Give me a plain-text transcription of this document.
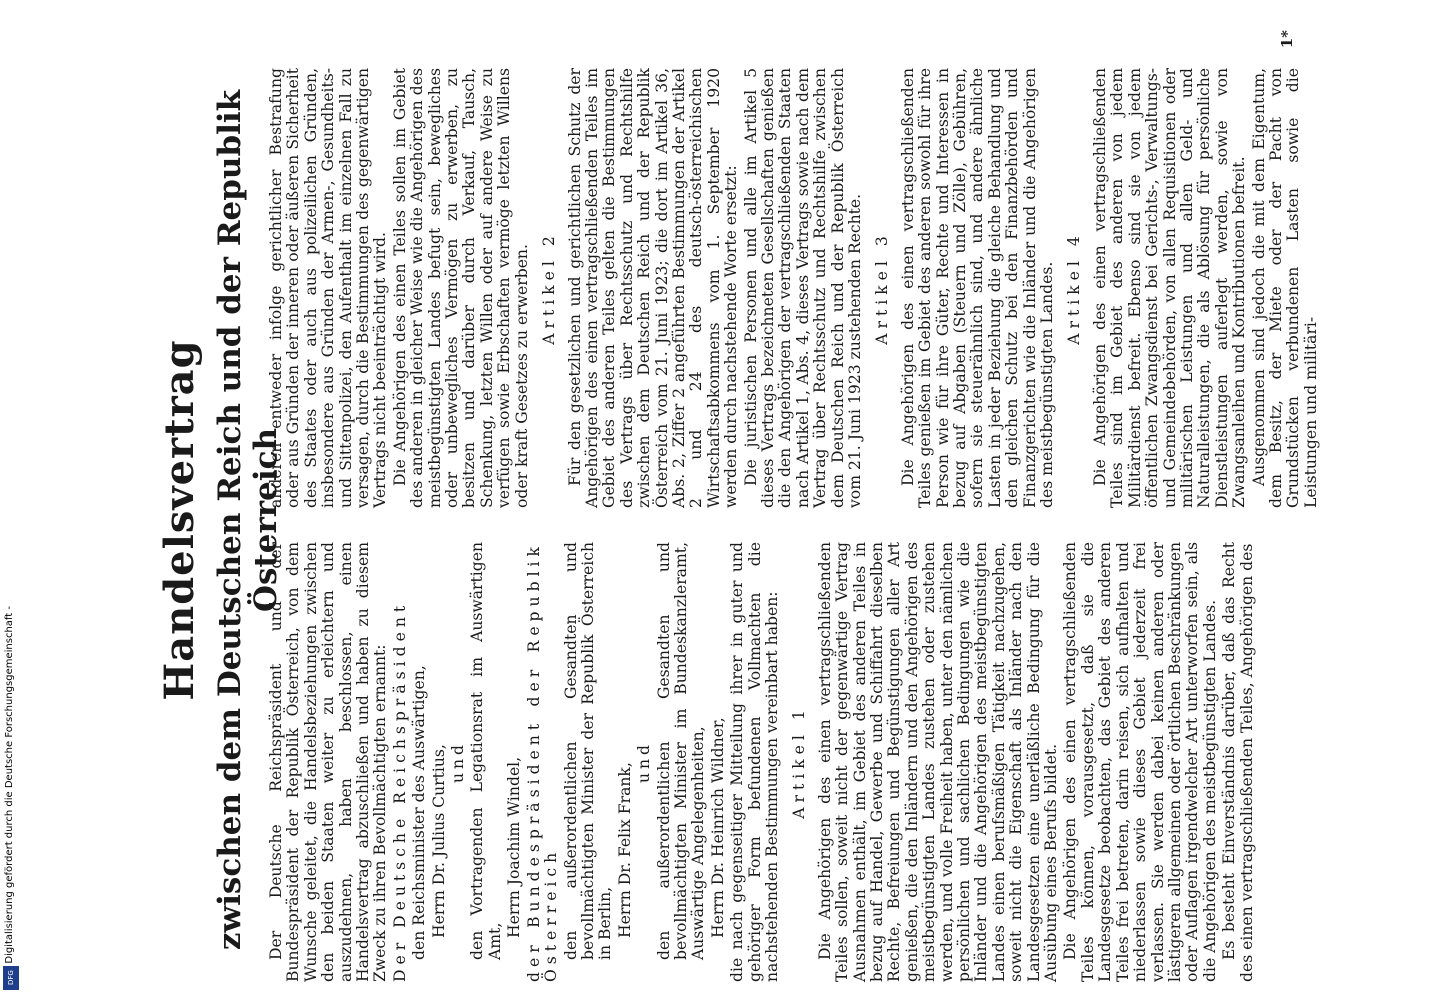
DFG
Digitalisierung gefördert durch die Deutsche Forschungsgemeinschaft -
Handelsvertrag zwischen dem Deutschen Reich und der Republik Österreich

Der Deutsche Reichspräsident und der Bundespräsident der Republik Österreich, von dem Wunsche geleitet, die Handelsbeziehungen zwischen den beiden Staaten weiter zu erleichtern und auszudehnen, haben beschlossen, einen Handelsvertrag abzuschließen und haben zu diesem Zweck zu ihren Bevollmächtigten ernannt: Der Deutsche Reichspräsident den Reichsminister des Auswärtigen, Herrn Dr. Julius Curtius, und den Vortragenden Legationsrat im Auswärtigen Amt,

Herrn Joachim Windel, der Bundespräsident der Republik Österreich den außerordentlichen Gesandten und bevollmächtigten Minister der Republik Österreich in Berlin, Herrn Dr. Felix Frank,

und den außerordentlichen Gesandten und bevollmächtigten Minister im Bundeskanzleramt, Auswärtige Angelegenheiten, Herrn Dr. Heinrich Wildner, die nach gegenseitiger Mitteilung ihrer in guter und gehöriger Form befundenen Vollmachten die nachstehenden Bestimmungen vereinbart haben: Artikel 1 Die Angehörigen des einen vertragschließenden Teiles sollen, soweit nicht der gegenwärtige Vertrag Ausnahmen enthält, im Gebiet des anderen Teiles in bezug auf Handel, Gewerbe und Schiffahrt dieselben Rechte, Befreiungen und Begünstigungen aller Art genießen, die den Inländern und den Angehörigen des meistbegünstigten Landes zustehen oder zustehen werden, und volle Freiheit haben, unter den nämlichen persönlichen und sachlichen Bedingungen wie die Inländer und die Angehörigen des meistbegünstigten Landes einen berufsmäßigen Tätigkeit nachzugehen, soweit nicht die Eigenschaft als Inländer nach den Landesgesetzen eine unerläßliche Bedingung für die Ausübung eines Berufs bildet. Die Angehörigen des einen vertragschließenden Teiles können, vorausgesetzt, daß sie die Landesgesetze beobachten, das Gebiet des anderen Teiles frei betreten, darin reisen, sich aufhalten und niederlassen sowie dieses Gebiet jederzeit frei verlassen. Sie werden dabei keinen anderen oder lästigeren allgemeinen oder örtlichen Beschränkungen oder Auflagen irgendwelcher Art unterworfen sein, als die Angehörigen des meistbegünstigten Landes. Es besteht Einverständnis darüber, daß das Recht des einen vertragschließenden Teiles, Angehörigen des

anderen entweder infolge gerichtlicher Bestrafung oder aus Gründen der inneren oder äußeren Sicherheit des Staates oder auch aus polizeilichen Gründen, insbesondere aus Gründen der Armen-, Gesundheits- und Sittenpolizei, den Aufenthalt im einzelnen Fall zu versagen, durch die Bestimmungen des gegenwärtigen Vertrags nicht beeinträchtigt wird. Die Angehörigen des einen Teiles sollen im Gebiet des anderen in gleicher Weise wie die Angehörigen des meistbegünstigten Landes befugt sein, bewegliches oder unbewegliches Vermögen zu erwerben, zu besitzen und darüber durch Verkauf, Tausch, Schenkung, letzten Willen oder auf andere Weise zu verfügen sowie Erbschaften vermöge letzten Willens oder kraft Gesetzes zu erwerben. Artikel 2 Für den gesetzlichen und gerichtlichen Schutz der Angehörigen des einen vertragschließenden Teiles im Gebiet des anderen Teiles gelten die Bestimmungen des Vertrags über Rechtsschutz und Rechtshilfe zwischen dem Deutschen Reich und der Republik Österreich vom 21. Juni 1923; die dort im Artikel 36, Abs. 2, Ziffer 2 angeführten Bestimmungen der Artikel 2 und 24 des deutsch-österreichischen Wirtschaftsabkommens vom 1. September 1920 werden durch nachstehende Worte ersetzt: Die juristischen Personen und alle im Artikel 5 dieses Vertrags bezeichneten Gesellschaften genießen die den Angehörigen der vertragschließenden Staaten nach Artikel 1, Abs. 4, dieses Vertrags sowie nach dem Vertrag über Rechtsschutz und Rechtshilfe zwischen dem Deutschen Reich und der Republik Österreich vom 21. Juni 1923 zustehenden Rechte. Artikel 3 Die Angehörigen des einen vertragschließenden Teiles genießen im Gebiet des anderen sowohl für ihre Person wie für ihre Güter, Rechte und Interessen in bezug auf Abgaben (Steuern und Zölle), Gebühren, sofern sie steuerähnlich sind, und andere ähnliche Lasten in jeder Beziehung die gleiche Behandlung und den gleichen Schutz bei den Finanzbehörden und Finanzgerichten wie die Inländer und die Angehörigen des meistbegünstigten Landes. Artikel 4 Die Angehörigen des einen vertragschließenden Teiles sind im Gebiet des anderen von jedem Militärdienst befreit. Ebenso sind sie von jedem öffentlichen Zwangsdienst bei Gerichts-, Verwaltungs- und Gemeindebehörden, von allen Requisitionen oder militärischen Leistungen und allen Geld- und Naturalleistungen, die als Ablösung für persönliche Dienstleistungen auferlegt werden, sowie von Zwangsanleihen und Kontributionen befreit. Ausgenommen sind jedoch die mit dem Eigentum, dem Besitz, der Miete oder der Pacht von Grundstücken verbundenen Lasten sowie die Leistungen und militäri-

1*
